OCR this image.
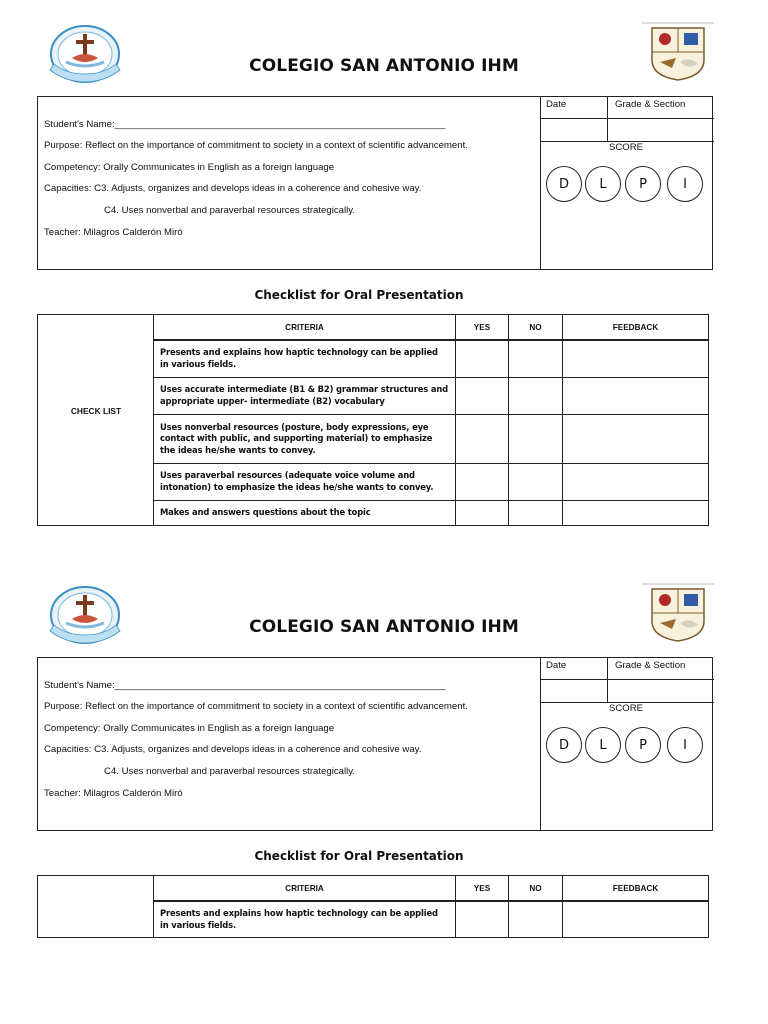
COLEGIO SAN ANTONIO IHM
Student's Name:______________________________________________________________
Purpose: Reflect on the importance of commitment to society in a context of scientific advancement.
Competency: Orally Communicates in English as a foreign language
Capacities: C3. Adjusts, organizes and develops ideas in a coherence and cohesive way.
C4. Uses nonverbal and paraverbal resources strategically.
Teacher: Milagros Calderón Miró
Date	Grade & Section
SCORE
D	L	P	I
Checklist for Oral Presentation
CHECK LIST
CRITERIA	YES	NO	FEEDBACK
Presents and explains how haptic technology can be applied in various fields.
Uses accurate intermediate (B1 & B2) grammar structures and appropriate upper- intermediate (B2) vocabulary
Uses nonverbal resources (posture, body expressions, eye contact with public, and supporting material) to emphasize the ideas he/she wants to convey.
Uses paraverbal resources (adequate voice volume and intonation) to emphasize the ideas he/she wants to convey.
Makes and answers questions about the topic
COLEGIO SAN ANTONIO IHM
Student's Name:______________________________________________________________
Purpose: Reflect on the importance of commitment to society in a context of scientific advancement.
Competency: Orally Communicates in English as a foreign language
Capacities: C3. Adjusts, organizes and develops ideas in a coherence and cohesive way.
C4. Uses nonverbal and paraverbal resources strategically.
Teacher: Milagros Calderón Miró
Date	Grade & Section
SCORE
D	L	P	I
Checklist for Oral Presentation
CRITERIA	YES	NO	FEEDBACK
Presents and explains how haptic technology can be applied in various fields.
